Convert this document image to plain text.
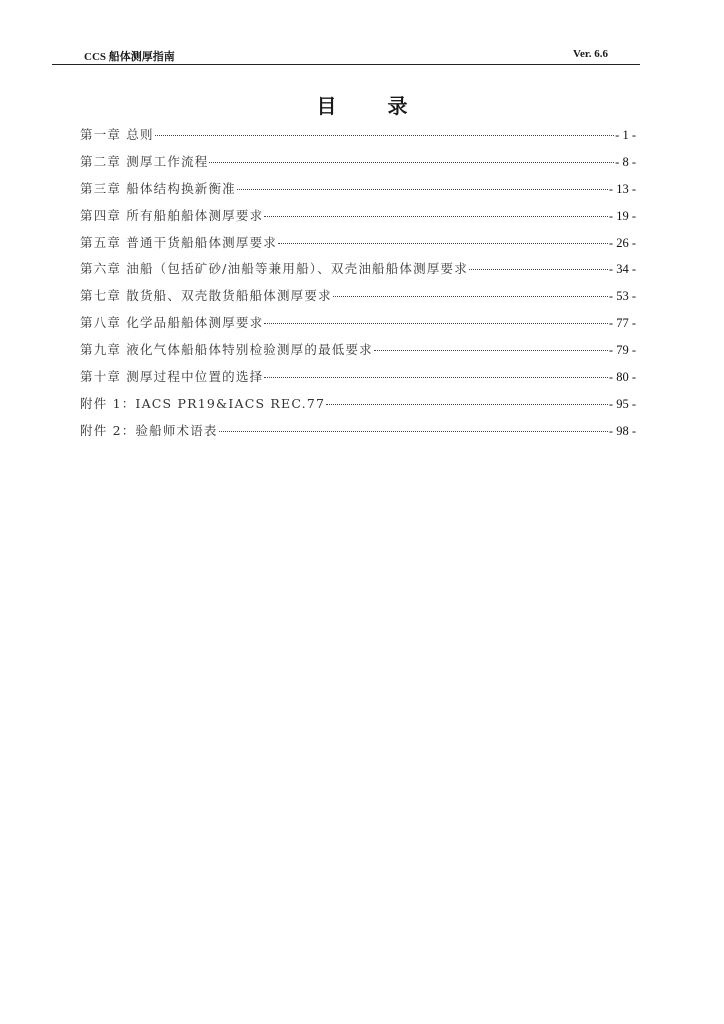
CCS 船体测厚指南	Ver. 6.6
目 录
第一章 总则	- 1 -
第二章 测厚工作流程	- 8 -
第三章 船体结构换新衡准	- 13 -
第四章 所有船舶船体测厚要求	- 19 -
第五章 普通干货船船体测厚要求	- 26 -
第六章 油船（包括矿砂/油船等兼用船）、双壳油船船体测厚要求	- 34 -
第七章 散货船、双壳散货船船体测厚要求	- 53 -
第八章 化学品船船体测厚要求	- 77 -
第九章 液化气体船船体特别检验测厚的最低要求	- 79 -
第十章 测厚过程中位置的选择	- 80 -
附件 1：IACS PR19&IACS REC.77	- 95 -
附件 2：验船师术语表	- 98 -
